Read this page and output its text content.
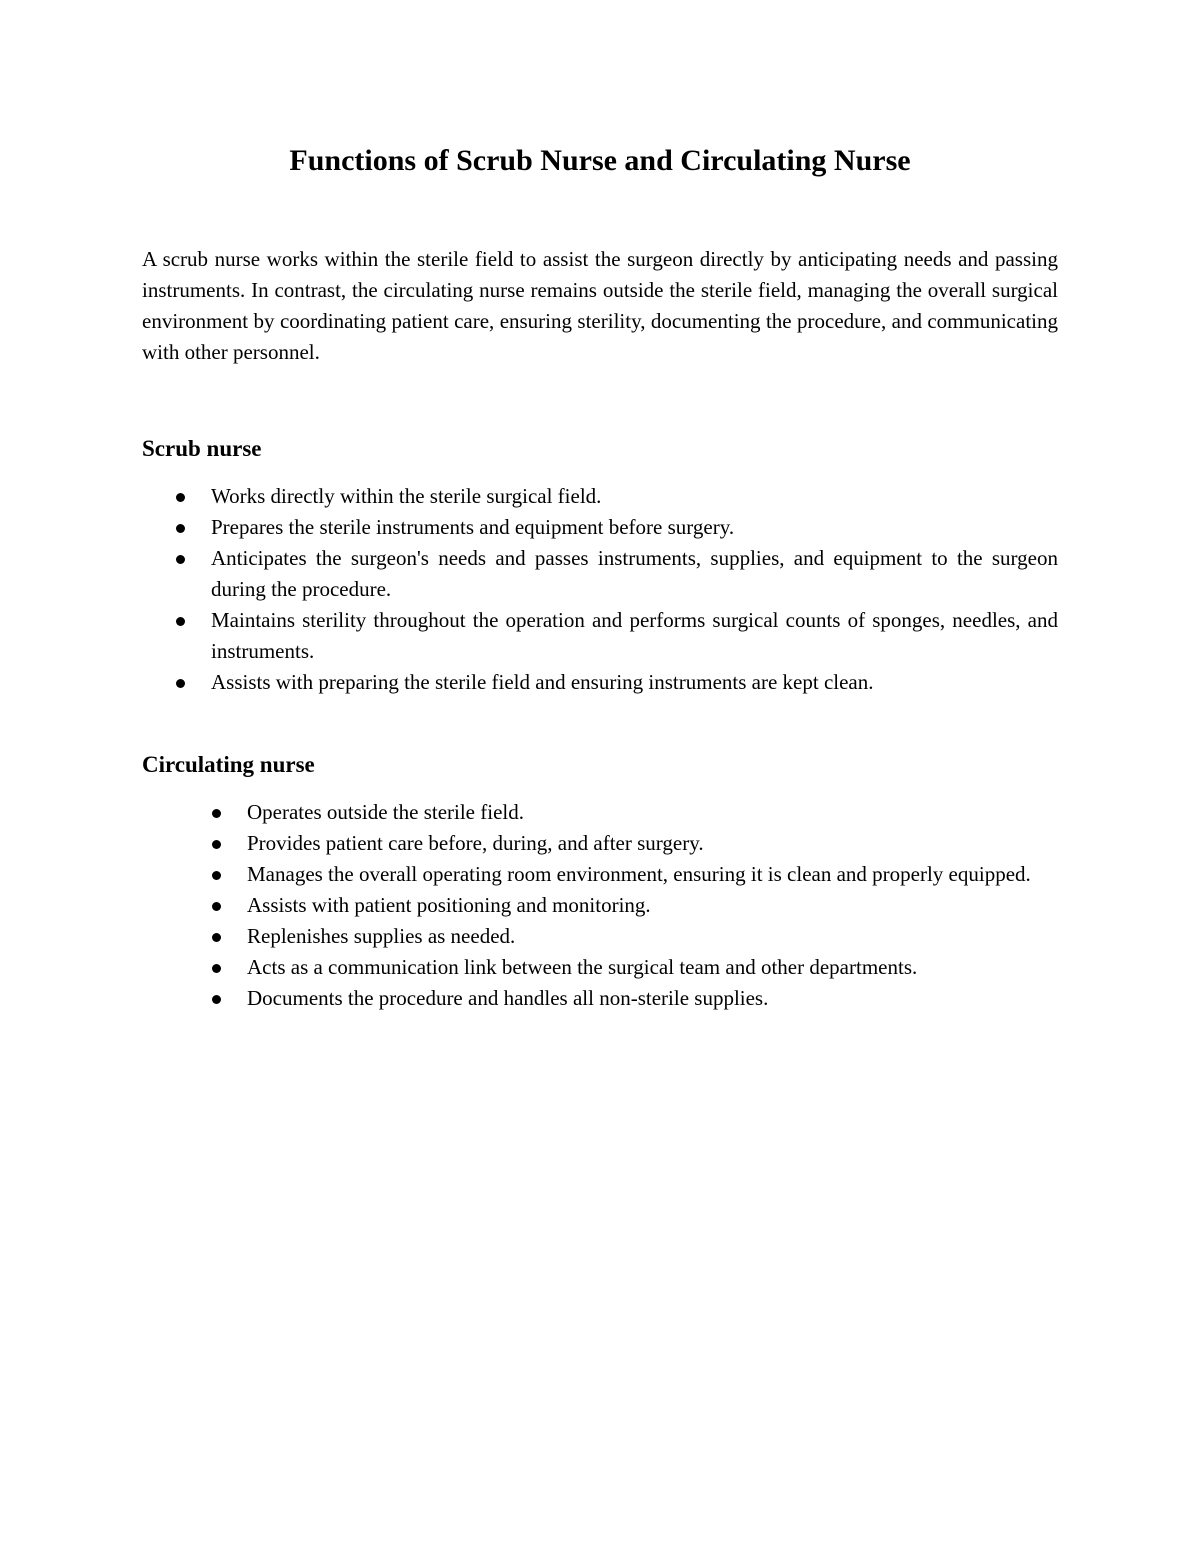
Functions of Scrub Nurse and Circulating Nurse

A scrub nurse works within the sterile field to assist the surgeon directly by anticipating needs and passing instruments. In contrast, the circulating nurse remains outside the sterile field, managing the overall surgical environment by coordinating patient care, ensuring sterility, documenting the procedure, and communicating with other personnel.

Scrub nurse
Works directly within the sterile surgical field.
Prepares the sterile instruments and equipment before surgery.
Anticipates the surgeon's needs and passes instruments, supplies, and equipment to the surgeon during the procedure.
Maintains sterility throughout the operation and performs surgical counts of sponges, needles, and instruments.
Assists with preparing the sterile field and ensuring instruments are kept clean.
Circulating nurse
Operates outside the sterile field.
Provides patient care before, during, and after surgery.
Manages the overall operating room environment, ensuring it is clean and properly equipped.
Assists with patient positioning and monitoring.
Replenishes supplies as needed.
Acts as a communication link between the surgical team and other departments.
Documents the procedure and handles all non-sterile supplies.
